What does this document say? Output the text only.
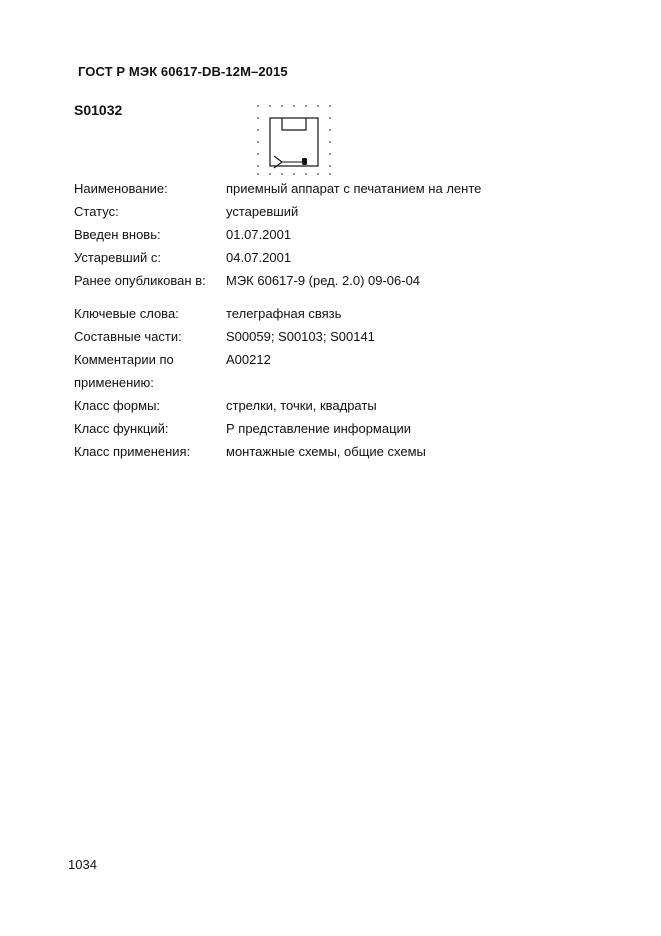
ГОСТ Р МЭК 60617-DB-12M–2015
S01032
Наименование:	приемный аппарат с печатанием на ленте
Статус:	устаревший
Введен вновь:	01.07.2001
Устаревший с:	04.07.2001
Ранее опубликован в: МЭК 60617-9 (ред. 2.0) 09-06-04
Ключевые слова:	телеграфная связь
Составные части:	S00059; S00103; S00141
Комментарии по	A00212
применению:
Класс формы:	стрелки, точки, квадраты
Класс функций:	Р представление информации
Класс применения:	монтажные схемы, общие схемы
1034
